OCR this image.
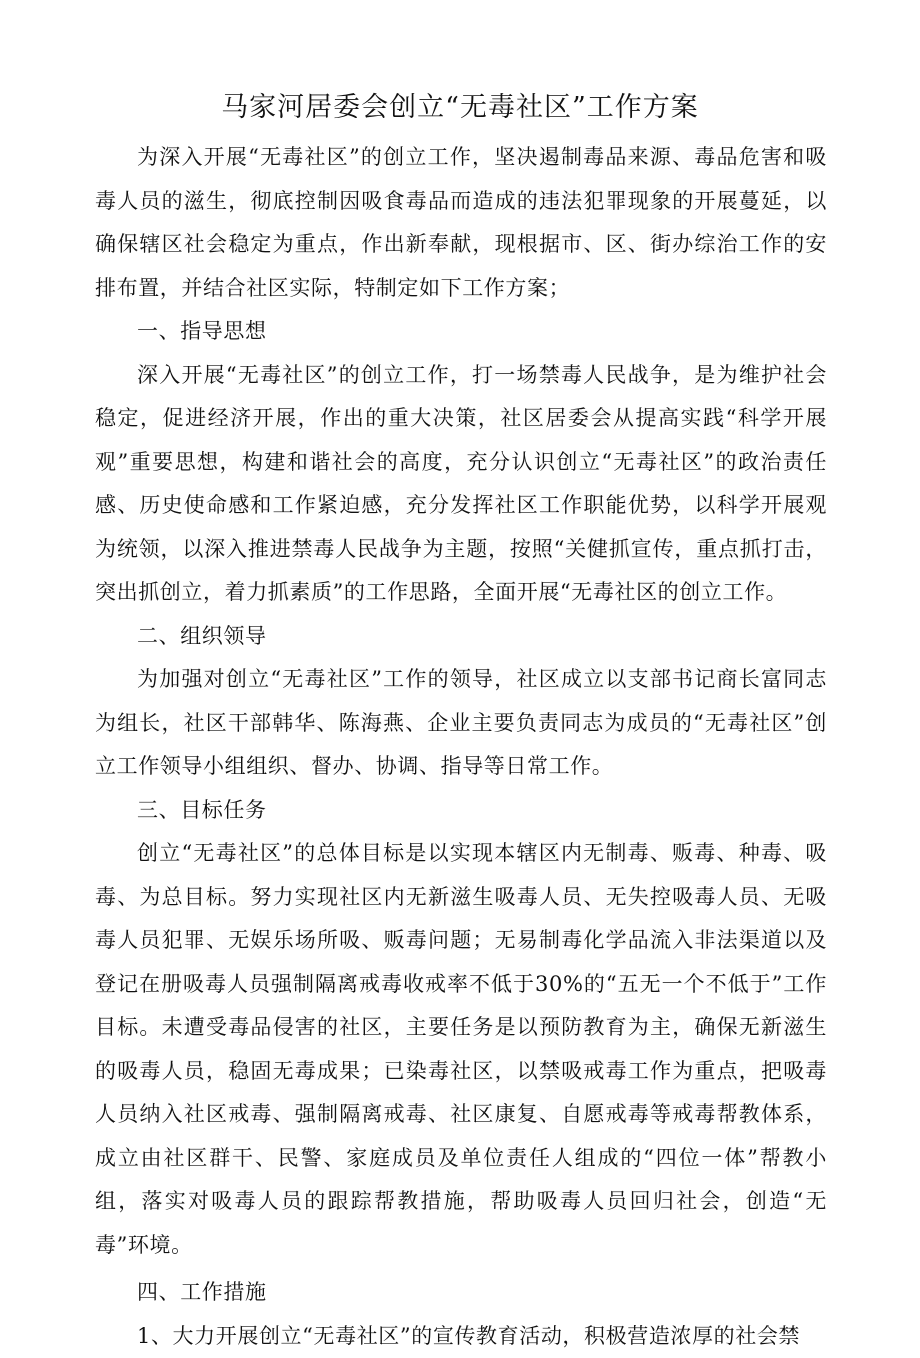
马家河居委会创立“无毒社区”工作方案

为深入开展“无毒社区”的创立工作，坚决遏制毒品来源、毒品危害和吸毒人员的滋生，彻底控制因吸食毒品而造成的违法犯罪现象的开展蔓延，以确保辖区社会稳定为重点，作出新奉献，现根据市、区、街办综治工作的安排布置，并结合社区实际，特制定如下工作方案；

一、指导思想

深入开展“无毒社区”的创立工作，打一场禁毒人民战争，是为维护社会稳定，促进经济开展，作出的重大决策，社区居委会从提高实践“科学开展观”重要思想，构建和谐社会的高度，充分认识创立“无毒社区”的政治责任感、历史使命感和工作紧迫感，充分发挥社区工作职能优势，以科学开展观为统领，以深入推进禁毒人民战争为主题，按照“关健抓宣传，重点抓打击，突出抓创立，着力抓素质”的工作思路，全面开展“无毒社区的创立工作。

二、组织领导

为加强对创立“无毒社区”工作的领导，社区成立以支部书记商长富同志为组长，社区干部韩华、陈海燕、企业主要负责同志为成员的“无毒社区”创立工作领导小组组织、督办、协调、指导等日常工作。

三、目标任务

创立“无毒社区”的总体目标是以实现本辖区内无制毒、贩毒、种毒、吸毒、为总目标。努力实现社区内无新滋生吸毒人员、无失控吸毒人员、无吸毒人员犯罪、无娱乐场所吸、贩毒问题；无易制毒化学品流入非法渠道以及登记在册吸毒人员强制隔离戒毒收戒率不低于30%的“五无一个不低于”工作目标。未遭受毒品侵害的社区，主要任务是以预防教育为主，确保无新滋生的吸毒人员，稳固无毒成果；已染毒社区，以禁吸戒毒工作为重点，把吸毒人员纳入社区戒毒、强制隔离戒毒、社区康复、自愿戒毒等戒毒帮教体系，成立由社区群干、民警、家庭成员及单位责任人组成的“四位一体”帮教小组，落实对吸毒人员的跟踪帮教措施，帮助吸毒人员回归社会，创造“无毒”环境。

四、工作措施

1、大力开展创立“无毒社区”的宣传教育活动，积极营造浓厚的社会禁
